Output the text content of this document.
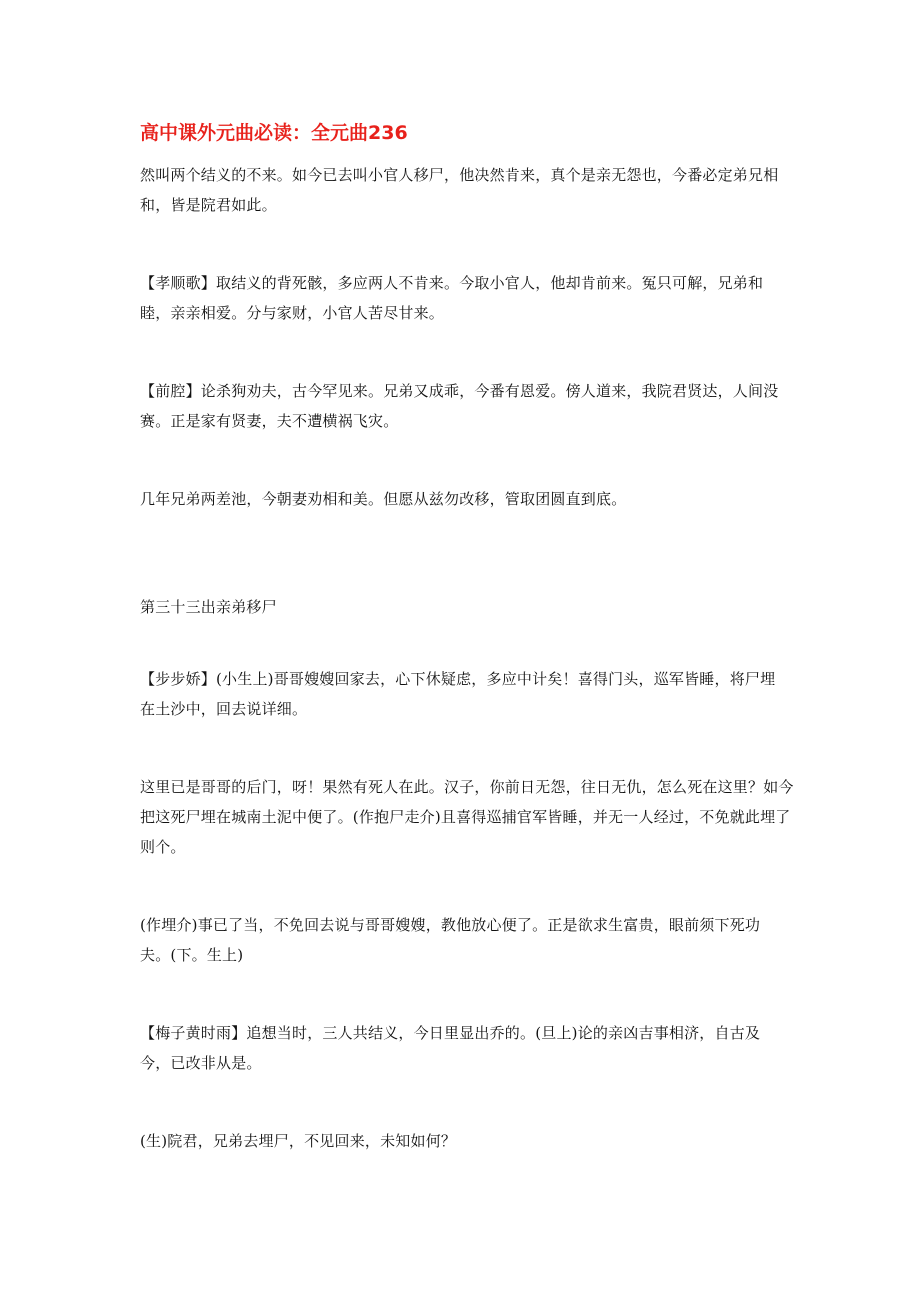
高中课外元曲必读：全元曲236

然叫两个结义的不来。如今已去叫小官人移尸，他决然肯来，真个是亲无怨也，今番必定弟兄相和，皆是院君如此。

【孝顺歌】取结义的背死骸，多应两人不肯来。今取小官人，他却肯前来。冤只可解，兄弟和睦，亲亲相爱。分与家财，小官人苦尽甘来。

【前腔】论杀狗劝夫，古今罕见来。兄弟又成乖，今番有恩爱。傍人道来，我院君贤达，人间没赛。正是家有贤妻，夫不遭横祸飞灾。

几年兄弟两差池，今朝妻劝相和美。但愿从兹勿改移，管取团圆直到底。

第三十三出亲弟移尸

【步步娇】(小生上)哥哥嫂嫂回家去，心下休疑虑，多应中计矣！喜得门头，巡军皆睡，将尸埋在土沙中，回去说详细。

这里已是哥哥的后门，呀！果然有死人在此。汉子，你前日无怨，往日无仇，怎么死在这里？如今把这死尸埋在城南土泥中便了。(作抱尸走介)且喜得巡捕官军皆睡，并无一人经过，不免就此埋了则个。

(作埋介)事已了当，不免回去说与哥哥嫂嫂，教他放心便了。正是欲求生富贵，眼前须下死功夫。(下。生上)

【梅子黄时雨】追想当时，三人共结义，今日里显出乔的。(旦上)论的亲凶吉事相济，自古及今，已改非从是。

(生)院君，兄弟去埋尸，不见回来，未知如何？
